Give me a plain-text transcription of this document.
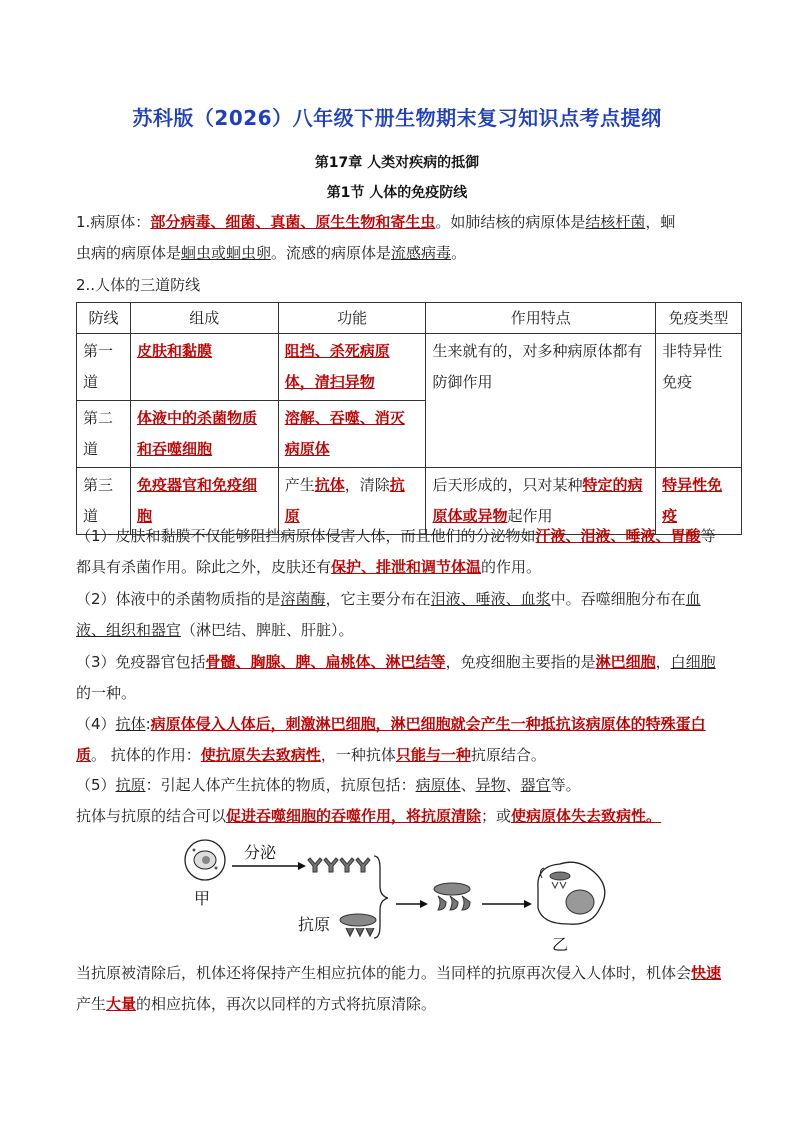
苏科版（2026）八年级下册生物期末复习知识点考点提纲
第17章 人类对疾病的抵御
第1节 人体的免疫防线
1.病原体：部分病毒、细菌、真菌、原生生物和寄生虫。如肺结核的病原体是结核杆菌，蛔
虫病的病原体是蛔虫或蛔虫卵。流感的病原体是流感病毒。
2..人体的三道防线
防线	组成	功能	作用特点	免疫类型
第一道	皮肤和黏膜	阻挡、杀死病原体，清扫异物	生来就有的，对多种病原体都有防御作用	非特异性免疫
第二道	体液中的杀菌物质和吞噬细胞	溶解、吞噬、消灭病原体		
第三道	免疫器官和免疫细胞	产生抗体，清除抗原	后天形成的，只对某种特定的病原体或异物起作用	特异性免疫
（1）皮肤和黏膜不仅能够阻挡病原体侵害人体，而且他们的分泌物如汗液、泪液、唾液、胃酸等都具有杀菌作用。除此之外，皮肤还有保护、排泄和调节体温的作用。
（2）体液中的杀菌物质指的是溶菌酶，它主要分布在泪液、唾液、血浆中。吞噬细胞分布在血液、组织和器官（淋巴结、脾脏、肝脏）。
（3）免疫器官包括骨髓、胸腺、脾、扁桃体、淋巴结等，免疫细胞主要指的是淋巴细胞，白细胞的一种。
（4）抗体:病原体侵入人体后，刺激淋巴细胞，淋巴细胞就会产生一种抵抗该病原体的特殊蛋白质。 抗体的作用：使抗原失去致病性，一种抗体只能与一种抗原结合。
（5）抗原：引起人体产生抗体的物质，抗原包括：病原体、异物、器官等。
抗体与抗原的结合可以促进吞噬细胞的吞噬作用，将抗原清除；或使病原体失去致病性。
甲
分泌
抗原
乙
当抗原被清除后，机体还将保持产生相应抗体的能力。当同样的抗原再次侵入人体时，机体会快速产生大量的相应抗体，再次以同样的方式将抗原清除。
